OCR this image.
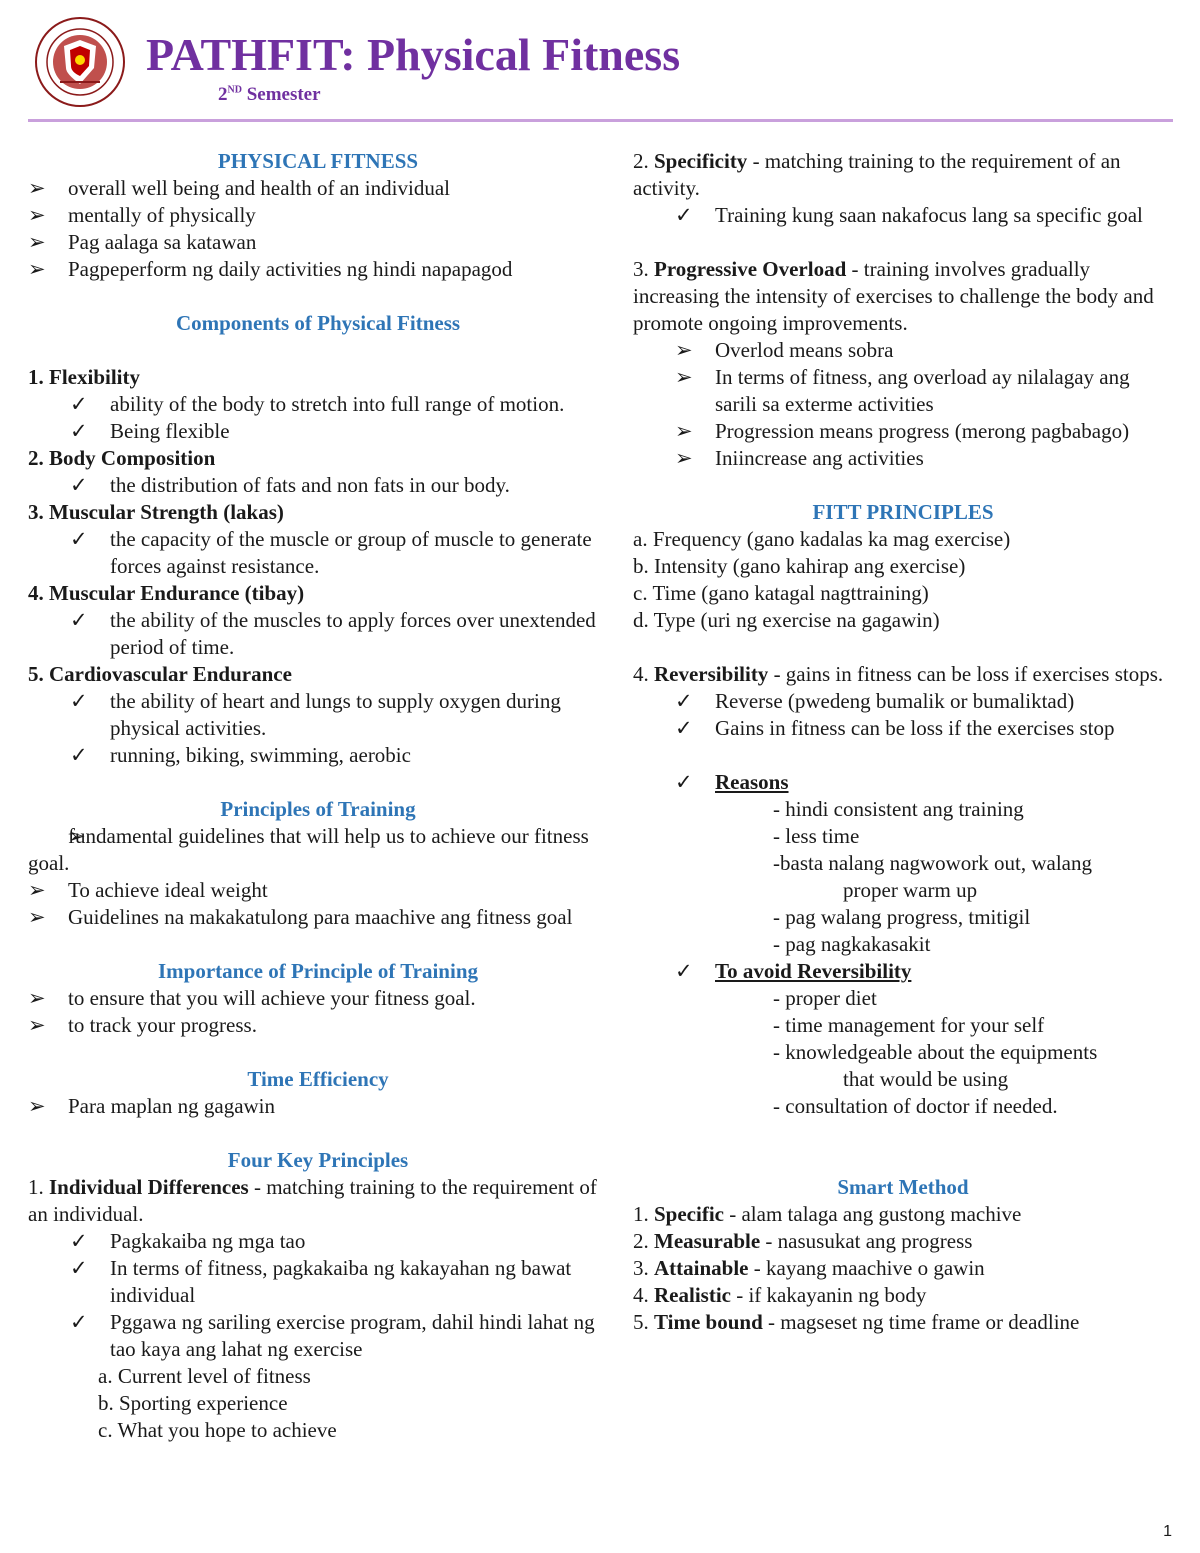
PATHFIT: Physical Fitness
2ND Semester
PHYSICAL FITNESS
➢ overall well being and health of an individual
➢ mentally of physically
➢ Pag aalaga sa katawan
➢ Pagpeperform ng daily activities ng hindi napapagod
Components of Physical Fitness
1. Flexibility
✓ ability of the body to stretch into full range of motion.
✓ Being flexible
2. Body Composition
✓ the distribution of fats and non fats in our body.
3. Muscular Strength (lakas)
✓ the capacity of the muscle or group of muscle to generate forces against resistance.
4. Muscular Endurance (tibay)
✓ the ability of the muscles to apply forces over unextended period of time.
5. Cardiovascular Endurance
✓ the ability of heart and lungs to supply oxygen during physical activities.
✓ running, biking, swimming, aerobic
Principles of Training
➢ fundamental guidelines that will help us to achieve our fitness goal.
➢ To achieve ideal weight
➢ Guidelines na makakatulong para maachive ang fitness goal
Importance of Principle of Training
➢ to ensure that you will achieve your fitness goal.
➢ to track your progress.
Time Efficiency
➢ Para maplan ng gagawin
Four Key Principles
1. Individual Differences - matching training to the requirement of an individual.
✓ Pagkakaiba ng mga tao
✓ In terms of fitness, pagkakaiba ng kakayahan ng bawat individual
✓ Pggawa ng sariling exercise program, dahil hindi lahat ng tao kaya ang lahat ng exercise
a. Current level of fitness
b. Sporting experience
c. What you hope to achieve
2. Specificity - matching training to the requirement of an activity.
✓ Training kung saan nakafocus lang sa specific goal
3. Progressive Overload - training involves gradually increasing the intensity of exercises to challenge the body and promote ongoing improvements.
➢ Overlod means sobra
➢ In terms of fitness, ang overload ay nilalagay ang sarili sa exterme activities
➢ Progression means progress (merong pagbabago)
➢ Iniincrease ang activities
FITT PRINCIPLES
a. Frequency (gano kadalas ka mag exercise)
b. Intensity (gano kahirap ang exercise)
c. Time (gano katagal nagttraining)
d. Type (uri ng exercise na gagawin)
4. Reversibility - gains in fitness can be loss if exercises stops.
✓ Reverse (pwedeng bumalik or bumaliktad)
✓ Gains in fitness can be loss if the exercises stop
✓ Reasons
- hindi consistent ang training
- less time
-basta nalang nagwowork out, walang
proper warm up
- pag walang progress, tmitigil
- pag nagkakasakit
✓ To avoid Reversibility
- proper diet
- time management for your self
- knowledgeable about the equipments
that would be using
- consultation of doctor if needed.
Smart Method
1. Specific - alam talaga ang gustong machive
2. Measurable - nasusukat ang progress
3. Attainable - kayang maachive o gawin
4. Realistic - if kakayanin ng body
5. Time bound - magseset ng time frame or deadline
1
